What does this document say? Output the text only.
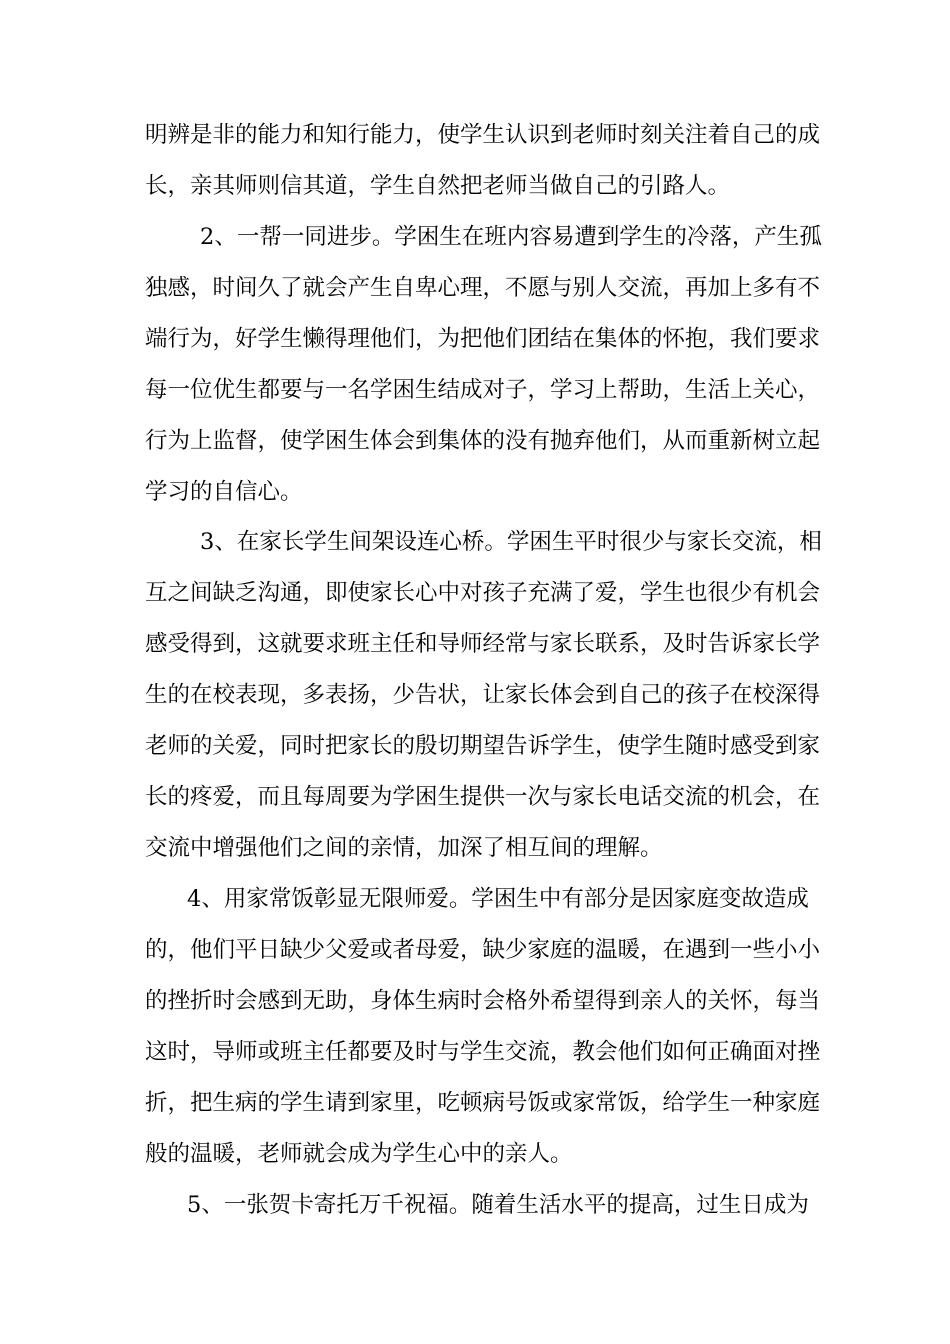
明辨是非的能力和知行能力，使学生认识到老师时刻关注着自己的成
长，亲其师则信其道，学生自然把老师当做自己的引路人。
2、一帮一同进步。学困生在班内容易遭到学生的冷落，产生孤
独感，时间久了就会产生自卑心理，不愿与别人交流，再加上多有不
端行为，好学生懒得理他们，为把他们团结在集体的怀抱，我们要求
每一位优生都要与一名学困生结成对子，学习上帮助，生活上关心，
行为上监督，使学困生体会到集体的没有抛弃他们，从而重新树立起
学习的自信心。
3、在家长学生间架设连心桥。学困生平时很少与家长交流，相
互之间缺乏沟通，即使家长心中对孩子充满了爱，学生也很少有机会
感受得到，这就要求班主任和导师经常与家长联系，及时告诉家长学
生的在校表现，多表扬，少告状，让家长体会到自己的孩子在校深得
老师的关爱，同时把家长的殷切期望告诉学生，使学生随时感受到家
长的疼爱，而且每周要为学困生提供一次与家长电话交流的机会，在
交流中增强他们之间的亲情，加深了相互间的理解。
4、用家常饭彰显无限师爱。学困生中有部分是因家庭变故造成
的，他们平日缺少父爱或者母爱，缺少家庭的温暖，在遇到一些小小
的挫折时会感到无助，身体生病时会格外希望得到亲人的关怀，每当
这时，导师或班主任都要及时与学生交流，教会他们如何正确面对挫
折，把生病的学生请到家里，吃顿病号饭或家常饭，给学生一种家庭
般的温暖，老师就会成为学生心中的亲人。
5、一张贺卡寄托万千祝福。随着生活水平的提高，过生日成为
